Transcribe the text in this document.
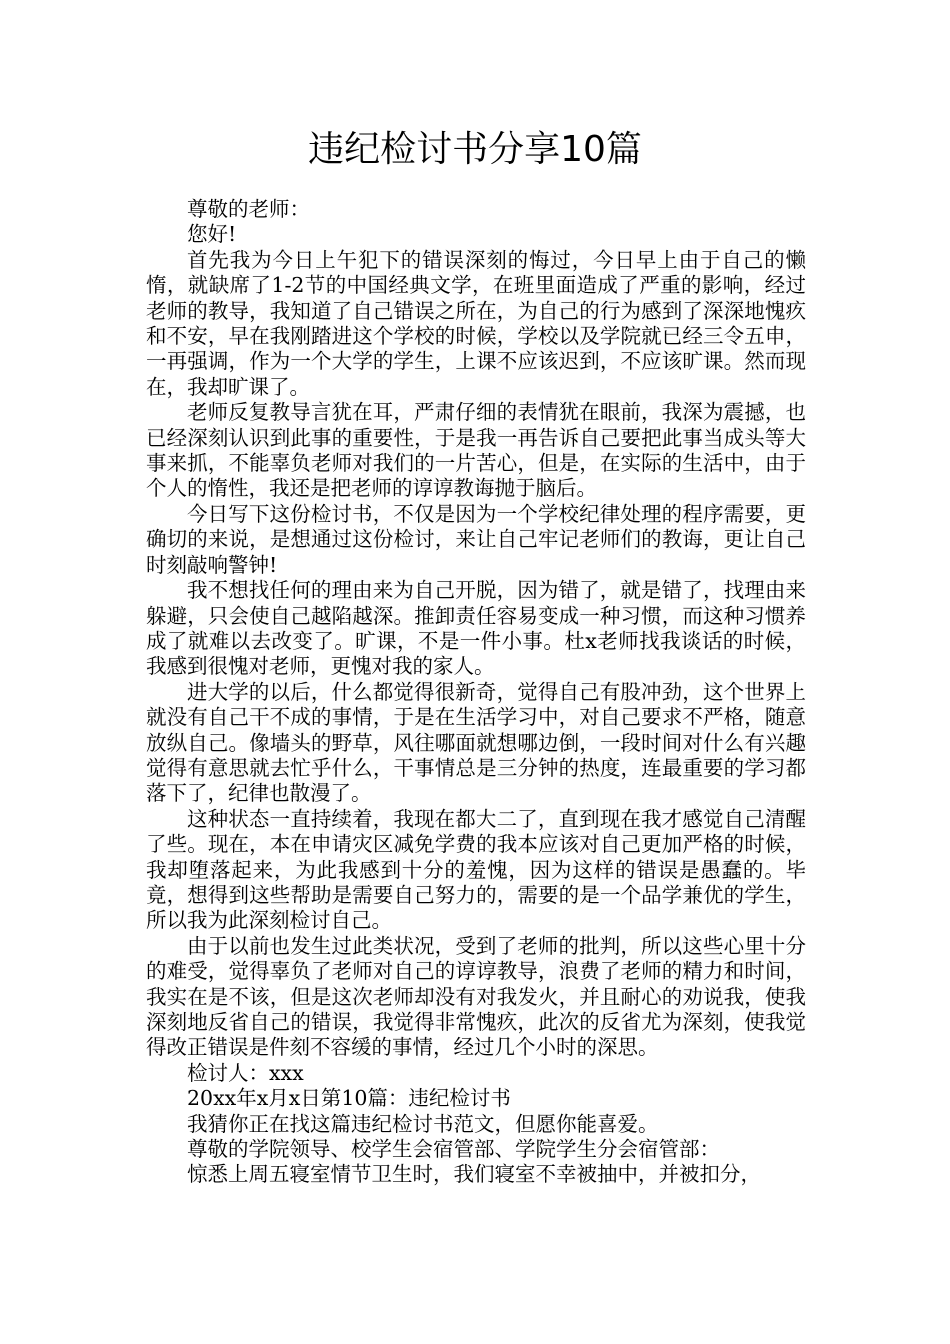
违纪检讨书分享10篇

尊敬的老师：

您好!

首先我为今日上午犯下的错误深刻的悔过，今日早上由于自己的懒惰，就缺席了1-2节的中国经典文学，在班里面造成了严重的影响，经过老师的教导，我知道了自己错误之所在，为自己的行为感到了深深地愧疚和不安，早在我刚踏进这个学校的时候，学校以及学院就已经三令五申，一再强调，作为一个大学的学生，上课不应该迟到，不应该旷课。然而现在，我却旷课了。

老师反复教导言犹在耳，严肃仔细的表情犹在眼前，我深为震撼，也已经深刻认识到此事的重要性，于是我一再告诉自己要把此事当成头等大事来抓，不能辜负老师对我们的一片苦心，但是，在实际的生活中，由于个人的惰性，我还是把老师的谆谆教诲抛于脑后。

今日写下这份检讨书，不仅是因为一个学校纪律处理的程序需要，更确切的来说，是想通过这份检讨，来让自己牢记老师们的教诲，更让自己时刻敲响警钟!

我不想找任何的理由来为自己开脱，因为错了，就是错了，找理由来躲避，只会使自己越陷越深。推卸责任容易变成一种习惯，而这种习惯养成了就难以去改变了。旷课，不是一件小事。杜x老师找我谈话的时候，我感到很愧对老师，更愧对我的家人。

进大学的以后，什么都觉得很新奇，觉得自己有股冲劲，这个世界上就没有自己干不成的事情，于是在生活学习中，对自己要求不严格，随意放纵自己。像墙头的野草，风往哪面就想哪边倒，一段时间对什么有兴趣觉得有意思就去忙乎什么，干事情总是三分钟的热度，连最重要的学习都落下了，纪律也散漫了。

这种状态一直持续着，我现在都大二了，直到现在我才感觉自己清醒了些。现在，本在申请灾区减免学费的我本应该对自己更加严格的时候，我却堕落起来，为此我感到十分的羞愧，因为这样的错误是愚蠢的。毕竟，想得到这些帮助是需要自己努力的，需要的是一个品学兼优的学生，所以我为此深刻检讨自己。

由于以前也发生过此类状况，受到了老师的批判，所以这些心里十分的难受，觉得辜负了老师对自己的谆谆教导，浪费了老师的精力和时间，我实在是不该，但是这次老师却没有对我发火，并且耐心的劝说我，使我深刻地反省自己的错误，我觉得非常愧疚，此次的反省尤为深刻，使我觉得改正错误是件刻不容缓的事情，经过几个小时的深思。

检讨人：xxx

20xx年x月x日第10篇：违纪检讨书

我猜你正在找这篇违纪检讨书范文，但愿你能喜爱。

尊敬的学院领导、校学生会宿管部、学院学生分会宿管部：

惊悉上周五寝室情节卫生时，我们寝室不幸被抽中，并被扣分，
